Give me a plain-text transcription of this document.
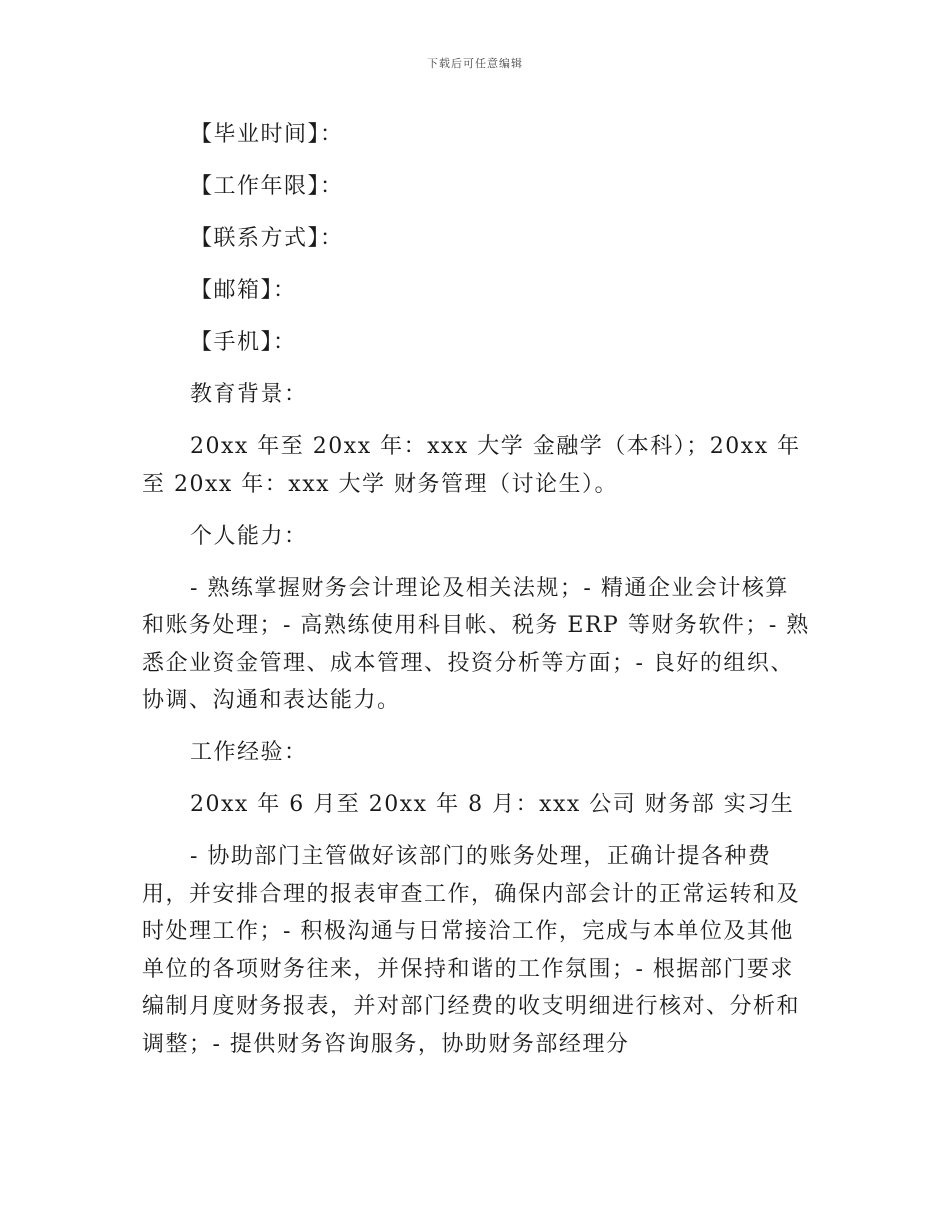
下载后可任意编辑

【毕业时间】：

【工作年限】：

【联系方式】：

【邮箱】：

【手机】：

教育背景：

20xx 年至 20xx 年：xxx 大学 金融学（本科）；20xx 年至 20xx 年：xxx 大学 财务管理（讨论生）。

个人能力：

- 熟练掌握财务会计理论及相关法规；- 精通企业会计核算和账务处理；- 高熟练使用科目帐、税务 ERP 等财务软件；- 熟悉企业资金管理、成本管理、投资分析等方面；- 良好的组织、协调、沟通和表达能力。

工作经验：

20xx 年 6 月至 20xx 年 8 月：xxx 公司 财务部 实习生

- 协助部门主管做好该部门的账务处理，正确计提各种费用，并安排合理的报表审查工作，确保内部会计的正常运转和及时处理工作；- 积极沟通与日常接洽工作，完成与本单位及其他单位的各项财务往来，并保持和谐的工作氛围；- 根据部门要求编制月度财务报表，并对部门经费的收支明细进行核对、分析和调整；- 提供财务咨询服务，协助财务部经理分
